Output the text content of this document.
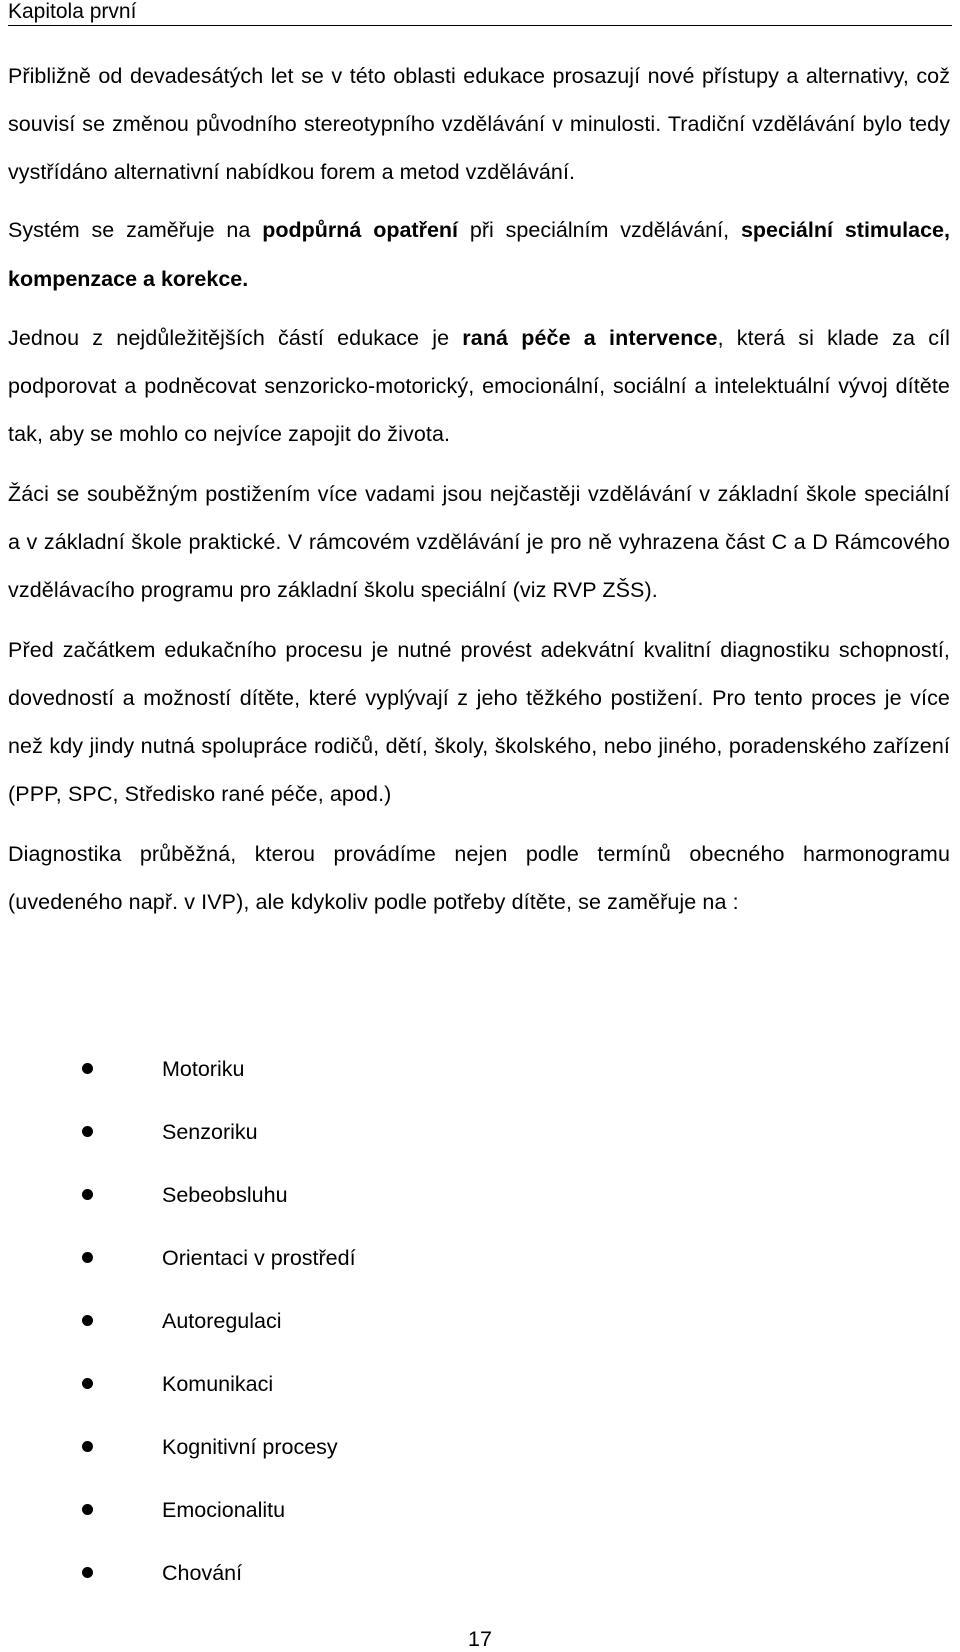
Kapitola první

Přibližně od devadesátých let se v této oblasti edukace prosazují nové přístupy a alternativy, což souvisí se změnou původního stereotypního vzdělávání v minulosti. Tradiční vzdělávání bylo tedy vystřídáno alternativní nabídkou forem a metod vzdělávání.

Systém se zaměřuje na podpůrná opatření při speciálním vzdělávání, speciální stimulace, kompenzace a korekce.

Jednou z nejdůležitějších částí edukace je raná péče a intervence, která si klade za cíl podporovat a podněcovat senzoricko-motorický, emocionální, sociální a intelektuální vývoj dítěte tak, aby se mohlo co nejvíce zapojit do života.

Žáci se souběžným postižením více vadami jsou nejčastěji vzdělávání v základní škole speciální a v základní škole praktické. V rámcovém vzdělávání je pro ně vyhrazena část C a D Rámcového vzdělávacího programu pro základní školu speciální (viz RVP ZŠS).

Před začátkem edukačního procesu je nutné provést adekvátní kvalitní diagnostiku schopností, dovedností a možností dítěte, které vyplývají z jeho těžkého postižení. Pro tento proces je více než kdy jindy nutná spolupráce rodičů, dětí, školy, školského, nebo jiného, poradenského zařízení (PPP, SPC, Středisko rané péče, apod.)

Diagnostika průběžná, kterou provádíme nejen podle termínů obecného harmonogramu (uvedeného např. v IVP), ale kdykoliv podle potřeby dítěte, se zaměřuje na :

Motoriku
Senzoriku
Sebeobsluhu
Orientaci v prostředí
Autoregulaci
Komunikaci
Kognitivní procesy
Emocionalitu
Chování
17
